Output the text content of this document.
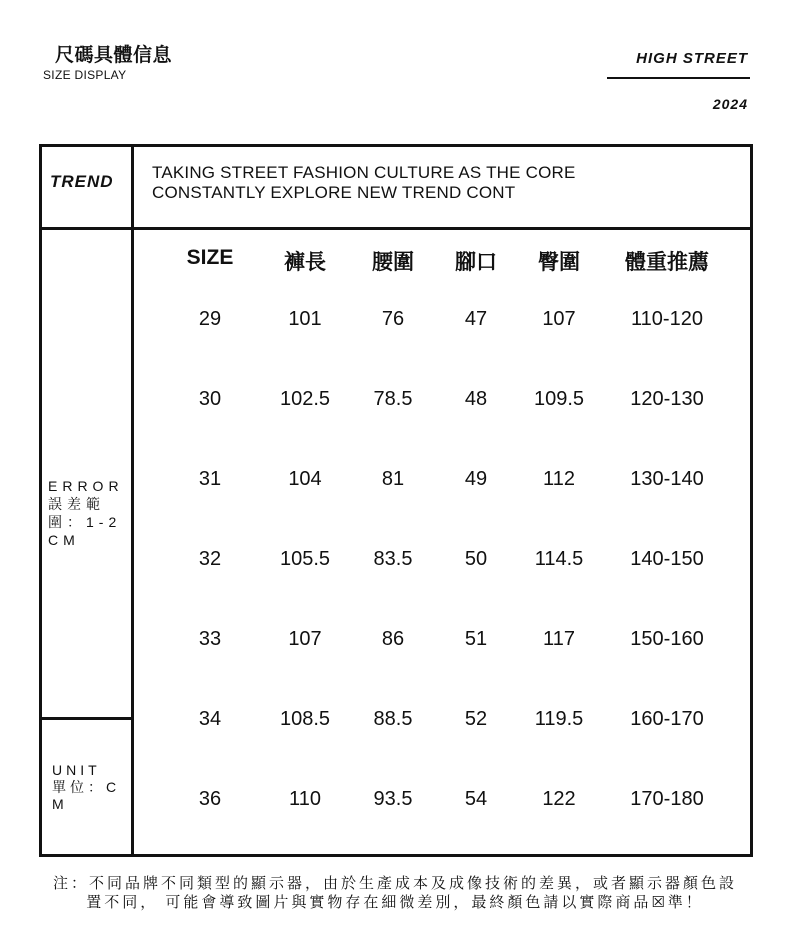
尺碼具體信息
SIZE DISPLAY
HIGH STREET
2024
TREND TAKING STREET FASHION CULTURE AS THE CORE
CONSTANTLY EXPLORE NEW TREND CONT
ERROR 誤差範圍：1-2CM
UNIT 單位：CM
SIZE 褲長 腰圍 腳口 臀圍 體重推薦
29	101	76	47	107	110-120
30	102.5 78.5	48 109.5 120-130
31	104	81	49	112	130-140
32	105.5 83.5	50 114.5 140-150
33	107	86	51	117	150-160
34	108.5 88.5	52 119.5 160-170
36	110	93.5	54	122	170-180
注：不同品牌不同類型的顯示器，由於生產成本及成像技術的差異，或者顯示器顏色設
置不同， 可能會導致圖片與實物存在細微差別，最終顏色請以實際商品☒準！
